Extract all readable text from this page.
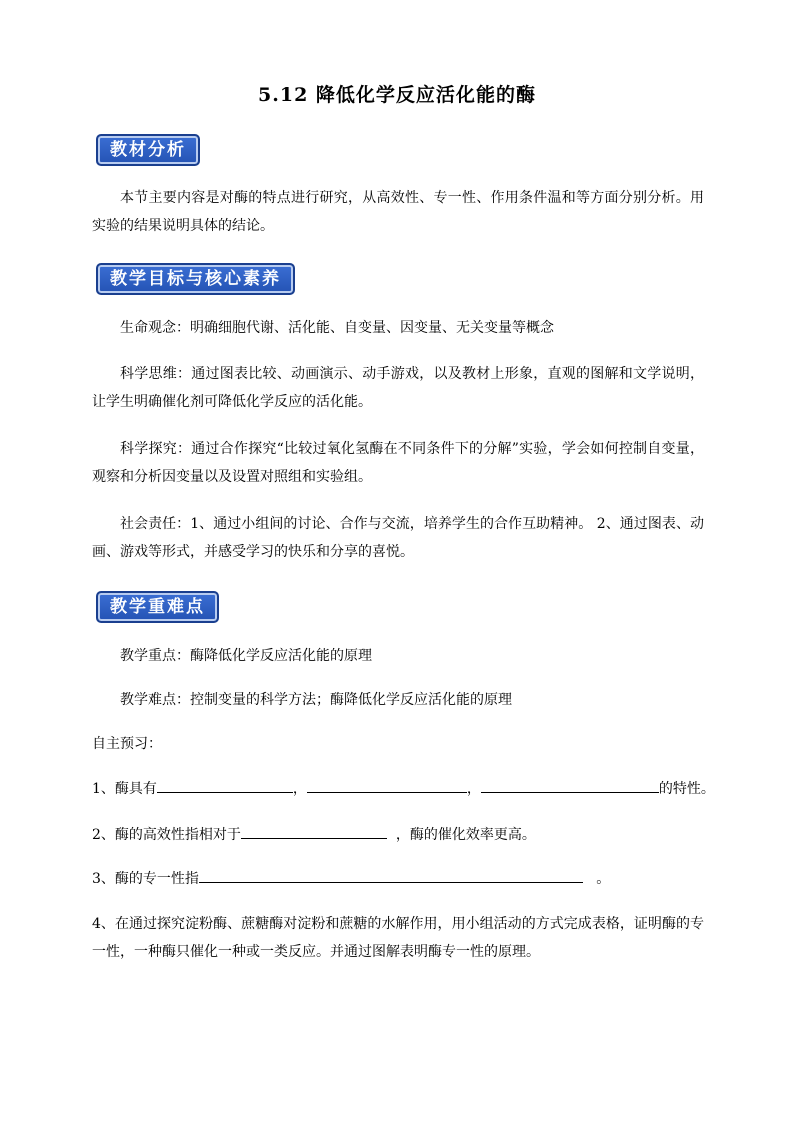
5.12 降低化学反应活化能的酶
教材分析
本节主要内容是对酶的特点进行研究，从高效性、专一性、作用条件温和等方面分别分析。用实验的结果说明具体的结论。
教学目标与核心素养
生命观念：明确细胞代谢、活化能、自变量、因变量、无关变量等概念
科学思维：通过图表比较、动画演示、动手游戏，以及教材上形象，直观的图解和文学说明，让学生明确催化剂可降低化学反应的活化能。
科学探究：通过合作探究“比较过氧化氢酶在不同条件下的分解”实验，学会如何控制自变量，观察和分析因变量以及设置对照组和实验组。
社会责任：1、通过小组间的讨论、合作与交流，培养学生的合作互助精神。 2、通过图表、动画、游戏等形式，并感受学习的快乐和分享的喜悦。
教学重难点
教学重点：酶降低化学反应活化能的原理
教学难点：控制变量的科学方法；酶降低化学反应活化能的原理
自主预习：
1、酶具有	，	，	的特性。
2、酶的高效性指相对于	，酶的催化效率更高。
3、酶的专一性指	。
4、在通过探究淀粉酶、蔗糖酶对淀粉和蔗糖的水解作用，用小组活动的方式完成表格，证明酶的专一性，一种酶只催化一种或一类反应。并通过图解表明酶专一性的原理。
